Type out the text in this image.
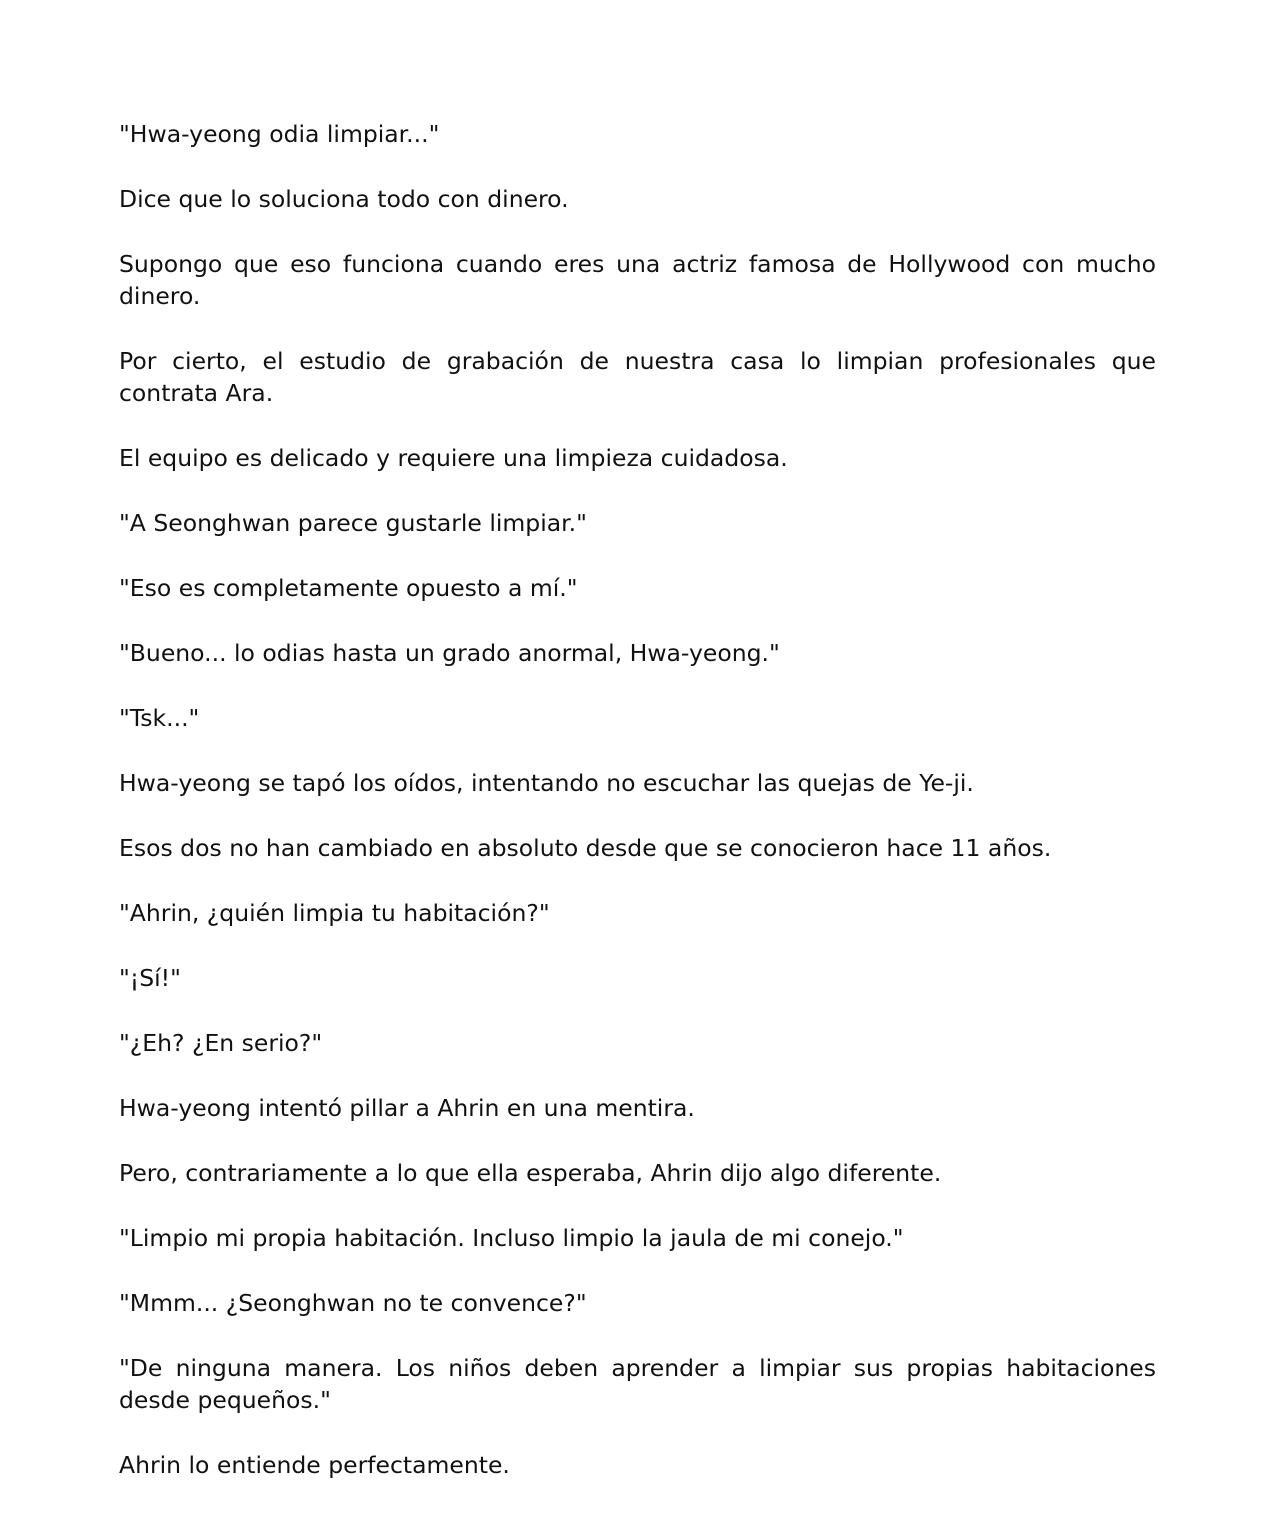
"Hwa-yeong odia limpiar..."

Dice que lo soluciona todo con dinero.

Supongo que eso funciona cuando eres una actriz famosa de Hollywood con mucho dinero.

Por cierto, el estudio de grabación de nuestra casa lo limpian profesionales que contrata Ara.

El equipo es delicado y requiere una limpieza cuidadosa.

"A Seonghwan parece gustarle limpiar."

"Eso es completamente opuesto a mí."

"Bueno... lo odias hasta un grado anormal, Hwa-yeong."

"Tsk..."

Hwa-yeong se tapó los oídos, intentando no escuchar las quejas de Ye-ji.

Esos dos no han cambiado en absoluto desde que se conocieron hace 11 años.

"Ahrin, ¿quién limpia tu habitación?"

"¡Sí!"

"¿Eh? ¿En serio?"

Hwa-yeong intentó pillar a Ahrin en una mentira.

Pero, contrariamente a lo que ella esperaba, Ahrin dijo algo diferente.

"Limpio mi propia habitación. Incluso limpio la jaula de mi conejo."

"Mmm... ¿Seonghwan no te convence?"

"De ninguna manera. Los niños deben aprender a limpiar sus propias habitaciones desde pequeños."

Ahrin lo entiende perfectamente.
